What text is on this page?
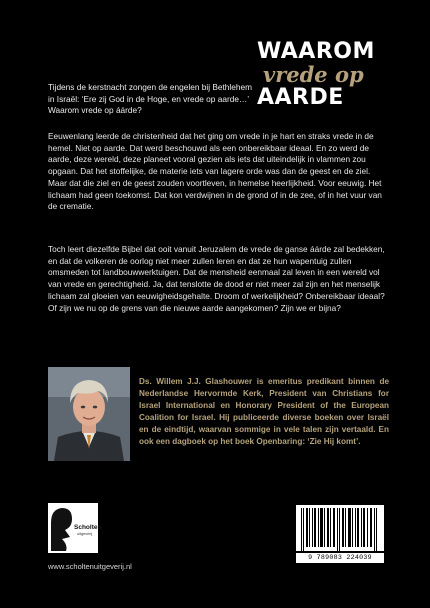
WAAROM
vrede op
AARDE
Tijdens de kerstnacht zongen de engelen bij Bethlehem in Israël: ‘Ere zij God in de Hoge, en vrede op aarde…’ Waarom vrede op áárde?
Eeuwenlang leerde de christenheid dat het ging om vrede in je hart en straks vrede in de hemel. Niet op aarde. Dat werd beschouwd als een onbereikbaar ideaal. En zo werd de aarde, deze wereld, deze planeet vooral gezien als iets dat uiteindelijk in vlammen zou opgaan. Dat het stoffelijke, de materie iets van lagere orde was dan de geest en de ziel. Maar dat die ziel en de geest zouden voortleven, in hemelse heerlijkheid. Voor eeuwig. Het lichaam had geen toekomst. Dat kon verdwijnen in de grond of in de zee, of in het vuur van de crematie.
Toch leert diezelfde Bijbel dat ooit vanuit Jeruzalem de vrede de ganse áárde zal bedekken, en dat de volkeren de oorlog niet meer zullen leren en dat ze hun wapentuig zullen omsmeden tot landbouwwerktuigen. Dat de mensheid eenmaal zal leven in een wereld vol van vrede en gerechtigheid. Ja, dat tenslotte de dood er niet meer zal zijn en het menselijk lichaam zal gloeien van eeuwigheidsgehalte. Droom of werkelijkheid? Onbereikbaar ideaal? Of zijn we nu op de grens van die nieuwe aarde aangekomen? Zijn we er bijna?
Ds. Willem J.J. Glashouwer is emeritus predikant binnen de Nederlandse Hervormde Kerk, President van Christians for Israel International en Honorary President of the European Coalition for Israel. Hij publiceerde diverse boeken over Israël en de eindtijd, waarvan sommige in vele talen zijn vertaald. En ook een dagboek op het boek Openbaring: ‘Zie Hij komt’.
Scholten
uitgeverij
www.scholtenuitgeverij.nl
9 789083 224039
